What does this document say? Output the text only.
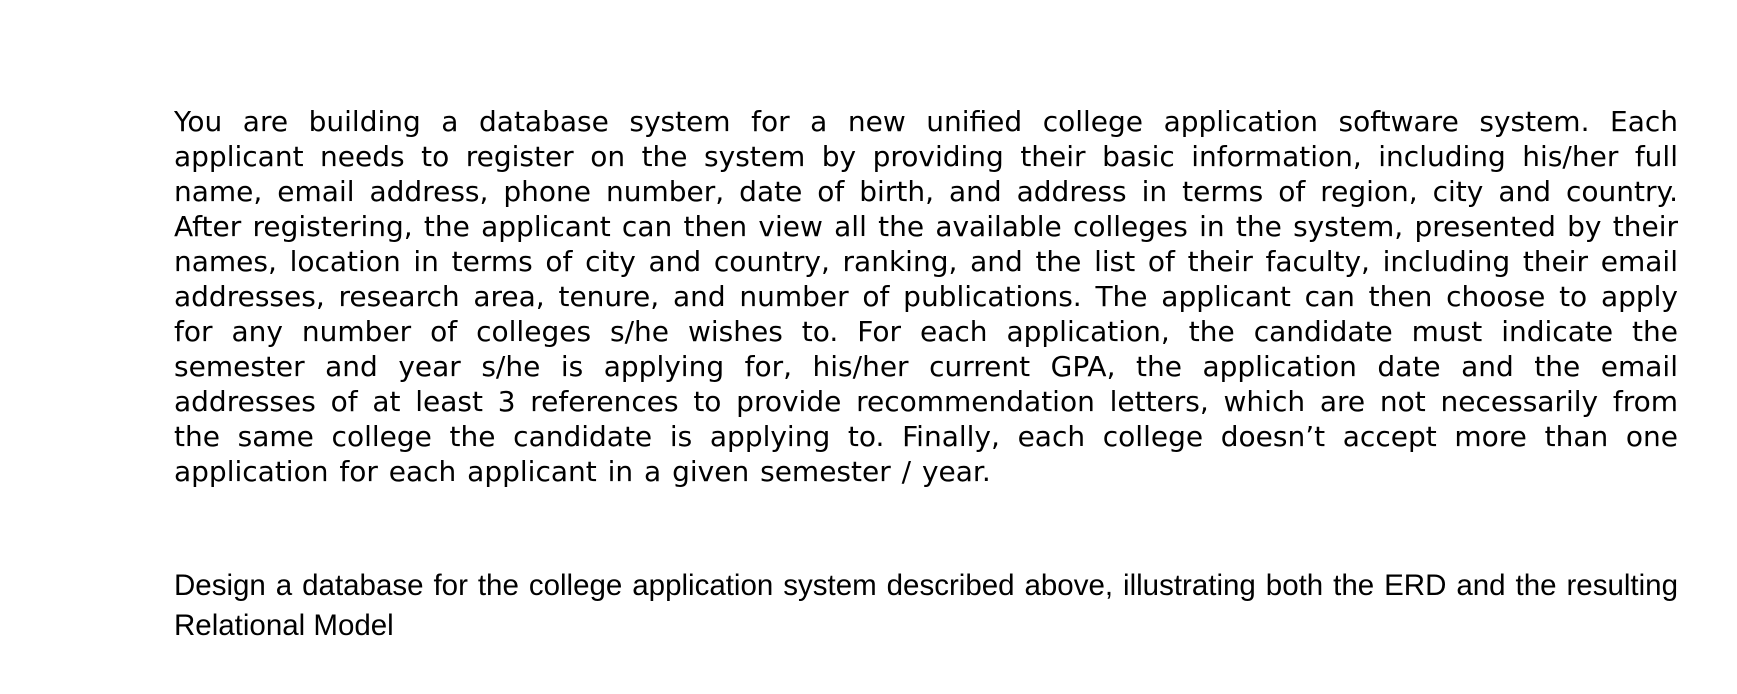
You are building a database system for a new unified college application software system. Each applicant needs to register on the system by providing their basic information, including his/her full name, email address, phone number, date of birth, and address in terms of region, city and country. After registering, the applicant can then view all the available colleges in the system, presented by their names, location in terms of city and country, ranking, and the list of their faculty, including their email addresses, research area, tenure, and number of publications. The applicant can then choose to apply for any number of colleges s/he wishes to. For each application, the candidate must indicate the semester and year s/he is applying for, his/her current GPA, the application date and the email addresses of at least 3 references to provide recommendation letters, which are not necessarily from the same college the candidate is applying to. Finally, each college doesn’t accept more than one application for each applicant in a given semester / year.

Design a database for the college application system described above, illustrating both the ERD and the resulting Relational Model
